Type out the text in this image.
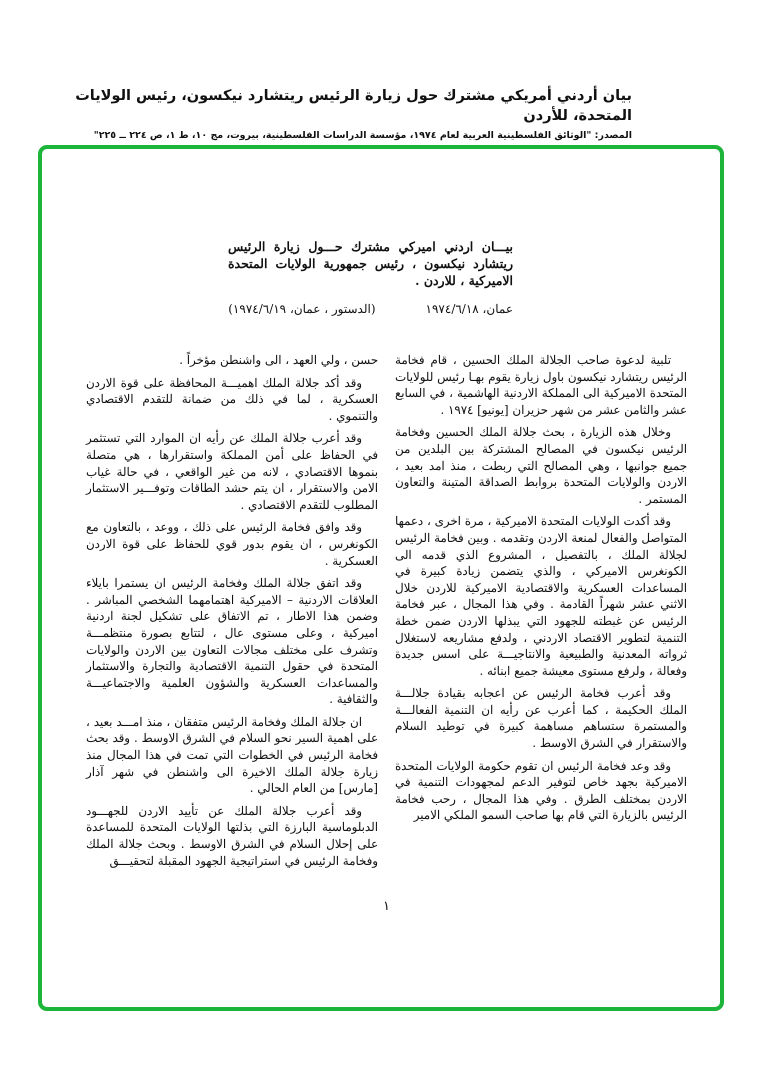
بيان أردني أمريكي مشترك حول زيارة الرئيس ريتشارد نيكسون، رئيس الولايات المتحدة، للأردن
المصدر: "الوثائق الفلسطينية العربية لعام ١٩٧٤، مؤسسة الدراسات الفلسطينية، بيروت، مج ١٠، ط ١، ص ٢٢٤ ــ ٢٢٥"
بيـــان اردني اميركي مشترك حـــول زيارة الرئيس ريتشارد نيكسون ، رئيس جمهورية الولايات المتحدة الاميركية ، للاردن .
عمان، ١٩٧٤/٦/١٨
(الدستور ، عمان، ١٩٧٤/٦/١٩)

تلبية لدعوة صاحب الجلالة الملك الحسين ، قام فخامة الرئيس ريتشارد نيكسون باول زيارة يقوم بهـا رئيس للولايات المتحدة الاميركية الى المملكة الاردنية الهاشمية ، في السابع عشر والثامن عشر من شهر حزيران [يونيو] ١٩٧٤ .

وخلال هذه الزيارة ، بحث جلالة الملك الحسين وفخامة الرئيس نيكسون في المصالح المشتركة بين البلدين من جميع جوانبها ، وهي المصالح التي ربطت ، منذ امد بعيد ، الاردن والولايات المتحدة بروابط الصداقة المتينة والتعاون المستمر .

وقد أكدت الولايات المتحدة الاميركية ، مرة اخرى ، دعمها المتواصل والفعال لمنعة الاردن وتقدمه . وبين فخامة الرئيس لجلالة الملك ، بالتفصيل ، المشروع الذي قدمه الى الكونغرس الاميركي ، والذي يتضمن زيادة كبيرة في المساعدات العسكرية والاقتصادية الاميركية للاردن خلال الاثني عشر شهراً القادمة . وفي هذا المجال ، عبر فخامة الرئيس عن غبطته للجهود التي يبذلها الاردن ضمن خطة التنمية لتطوير الاقتصاد الاردني ، ولدفع مشاريعه لاستغلال ثرواته المعدنية والطبيعية والانتاجيـــة على اسس جديدة وفعالة ، ولرفع مستوى معيشة جميع ابنائه .

وقد أعرب فخامة الرئيس عن اعجابه بقيادة جلالـــة الملك الحكيمة ، كما أعرب عن رأيه ان التنمية الفعالـــة والمستمرة ستساهم مساهمة كبيرة في توطيد السلام والاستقرار في الشرق الاوسط .

وقد وعد فخامة الرئيس ان تقوم حكومة الولايات المتحدة الاميركية بجهد خاص لتوفير الدعم لمجهودات التنمية في الاردن بمختلف الطرق . وفي هذا المجال ، رحب فخامة الرئيس بالزيارة التي قام بها صاحب السمو الملكي الامير

حسن ، ولي العهد ، الى واشنطن مؤخراً .

وقد أكد جلالة الملك اهميـــة المحافظة على قوة الاردن العسكرية ، لما في ذلك من ضمانة للتقدم الاقتصادي والتنموي .

وقد أعرب جلالة الملك عن رأيه ان الموارد التي تستثمر في الحفاظ على أمن المملكة واستقرارها ، هي متصلة بنموها الاقتصادي ، لانه من غير الواقعي ، في حالة غياب الامن والاستقرار ، ان يتم حشد الطاقات وتوفـــير الاستثمار المطلوب للتقدم الاقتصادي .

وقد وافق فخامة الرئيس على ذلك ، ووعد ، بالتعاون مع الكونغرس ، ان يقوم بدور قوي للحفاظ على قوة الاردن العسكرية .

وقد اتفق جلالة الملك وفخامة الرئيس ان يستمرا بايلاء العلاقات الاردنية – الاميركية اهتمامهما الشخصي المباشر . وضمن هذا الاطار ، تم الاتفاق على تشكيل لجنة اردنية اميركية ، وعلى مستوى عال ، لتتابع بصورة منتظمـــة وتشرف على مختلف مجالات التعاون بين الاردن والولايات المتحدة في حقول التنمية الاقتصادية والتجارة والاستثمار والمساعدات العسكرية والشؤون العلمية والاجتماعيـــة والثقافية .

ان جلالة الملك وفخامة الرئيس متفقان ، منذ امـــد بعيد ، على اهمية السير نحو السلام في الشرق الاوسط . وقد بحث فخامة الرئيس في الخطوات التي تمت في هذا المجال منذ زيارة جلالة الملك الاخيرة الى واشنطن في شهر آذار [مارس] من العام الحالي .

وقد أعرب جلالة الملك عن تأييد الاردن للجهـــود الدبلوماسية البارزة التي بذلتها الولايات المتحدة للمساعدة على إحلال السلام في الشرق الاوسط . وبحث جلالة الملك وفخامة الرئيس في استراتيجية الجهود المقبلة لتحقيـــق

١
